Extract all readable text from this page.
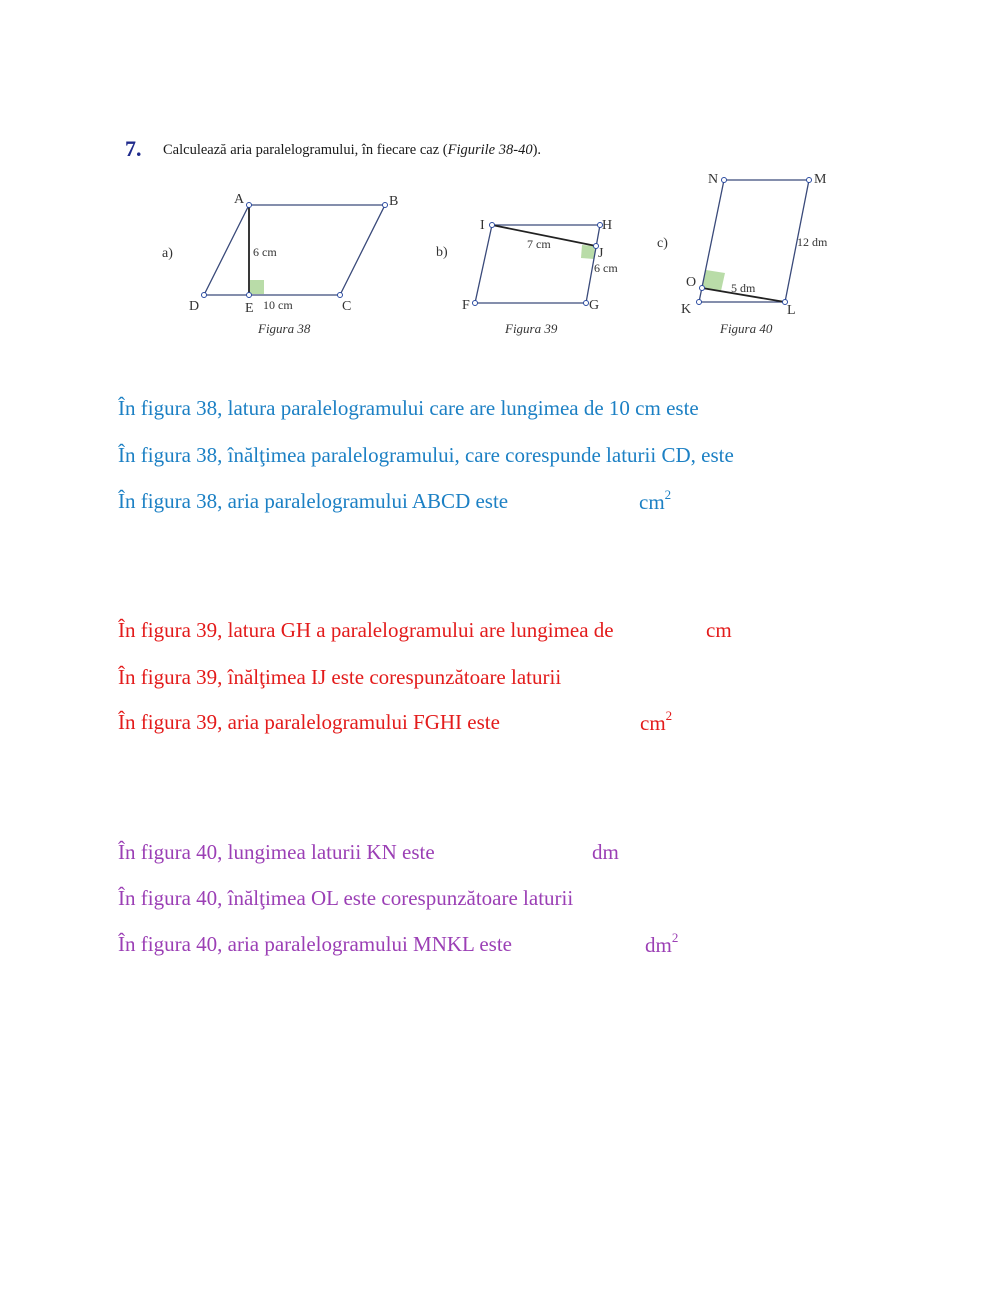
7. Calculează aria paralelogramului, în fiecare caz (Figurile 38-40).
a)
A	B
C
D	E
6 cm
10 cm
Figura 38
b)
I	H
J
G
F
7 cm
6 cm
Figura 39
c)
N	M
L
K
O
12 dm
5 dm
Figura 40
În figura 38, latura paralelogramului care are lungimea de 10 cm este
În figura 38, înălţimea paralelogramului, care corespunde laturii CD, este
În figura 38, aria paralelogramului ABCD este	$cm^2$
În figura 39, latura GH a paralelogramului are lungimea de	cm
În figura 39, înălţimea IJ este corespunzătoare laturii
În figura 39, aria paralelogramului FGHI este	$cm^2$
În figura 40, lungimea laturii KN este	dm
În figura 40, înălţimea OL este corespunzătoare laturii
În figura 40, aria paralelogramului MNKL este	$dm^2$
